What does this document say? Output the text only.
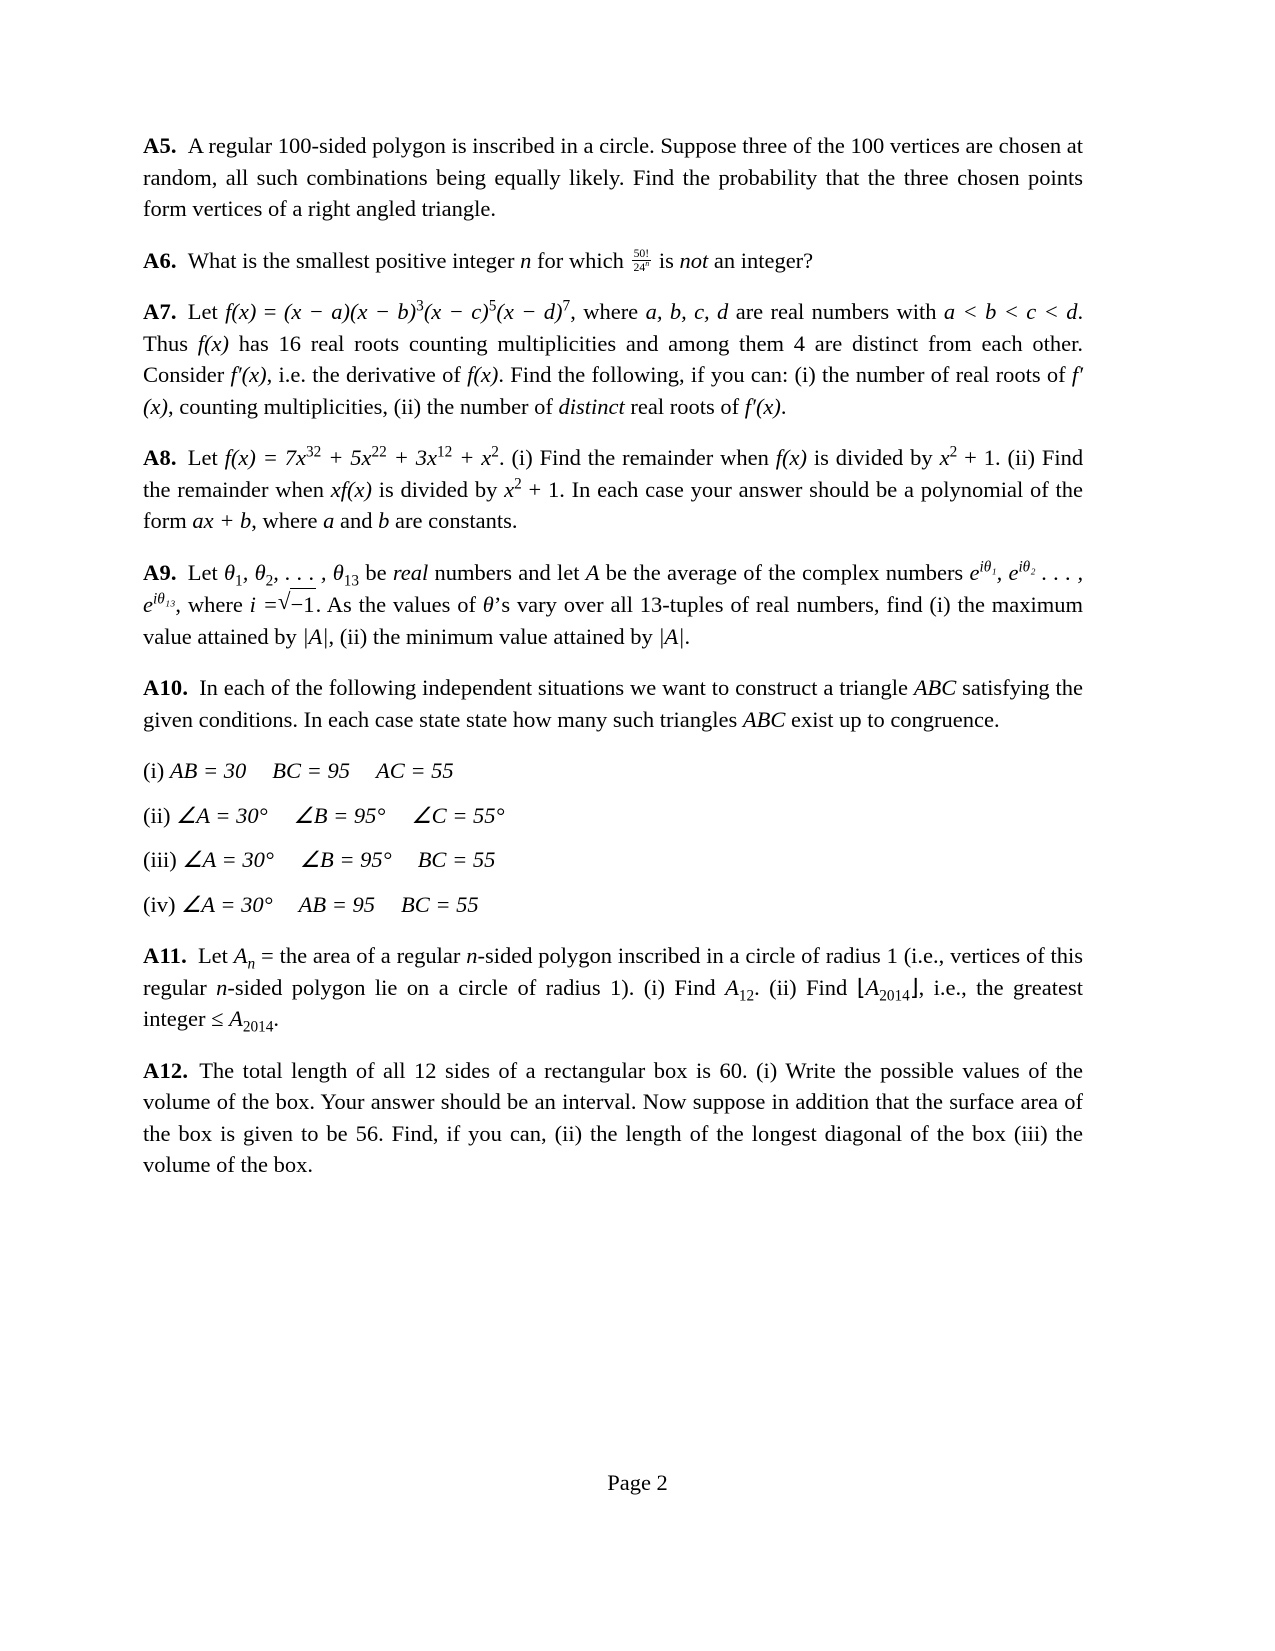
A5. A regular 100-sided polygon is inscribed in a circle. Suppose three of the 100 vertices are chosen at random, all such combinations being equally likely. Find the probability that the three chosen points form vertices of a right angled triangle.

A6. What is the smallest positive integer n for which $\frac{50!}{24^n}$ is not an integer?

A7. Let $f(x) = (x - a)(x - b)^3(x - c)^5(x - d)^7$, where a, b, c, d are real numbers with a < b < c < d. Thus f(x) has 16 real roots counting multiplicities and among them 4 are distinct from each other. Consider f′(x), i.e. the derivative of f(x). Find the following, if you can: (i) the number of real roots of f′(x), counting multiplicities, (ii) the number of distinct real roots of f′(x).

A8. Let $f(x) = 7x^{32} + 5x^{22} + 3x^{12} + x^2$. (i) Find the remainder when f(x) is divided by $x^2 + 1$. (ii) Find the remainder when xf(x) is divided by $x^2 + 1$. In each case your answer should be a polynomial of the form ax + b, where a and b are constants.

A9. Let $\theta_1$, $\theta_2$, . . . , $\theta_{13}$ be real numbers and let A be the average of the complex numbers $e^{i\theta_1}$, $e^{i\theta_2}$ . . . , $e^{i\theta_{13}}$, where i = √ −1. As the values of θ’s vary over all 13-tuples of real numbers, find (i) the maximum value attained by |A|, (ii) the minimum value attained by |A|.

A10. In each of the following independent situations we want to construct a triangle ABC satisfying the given conditions. In each case state state how many such triangles ABC exist up to congruence.

(i) AB = 30 BC = 95 AC = 55

(ii) ∠A = 30° ∠B = 95° ∠C = 55°

(iii) ∠A = 30° ∠B = 95° BC = 55

(iv) ∠A = 30° AB = 95 BC = 55

A11. Let $A_n$ = the area of a regular n-sided polygon inscribed in a circle of radius 1 (i.e., vertices of this regular n-sided polygon lie on a circle of radius 1). (i) Find $A_{12}$. (ii) Find $⌊A_{2014}⌋$, i.e., the greatest integer ≤ $A_{2014}$.

A12. The total length of all 12 sides of a rectangular box is 60. (i) Write the possible values of the volume of the box. Your answer should be an interval. Now suppose in addition that the surface area of the box is given to be 56. Find, if you can, (ii) the length of the longest diagonal of the box (iii) the volume of the box.

Page 2
